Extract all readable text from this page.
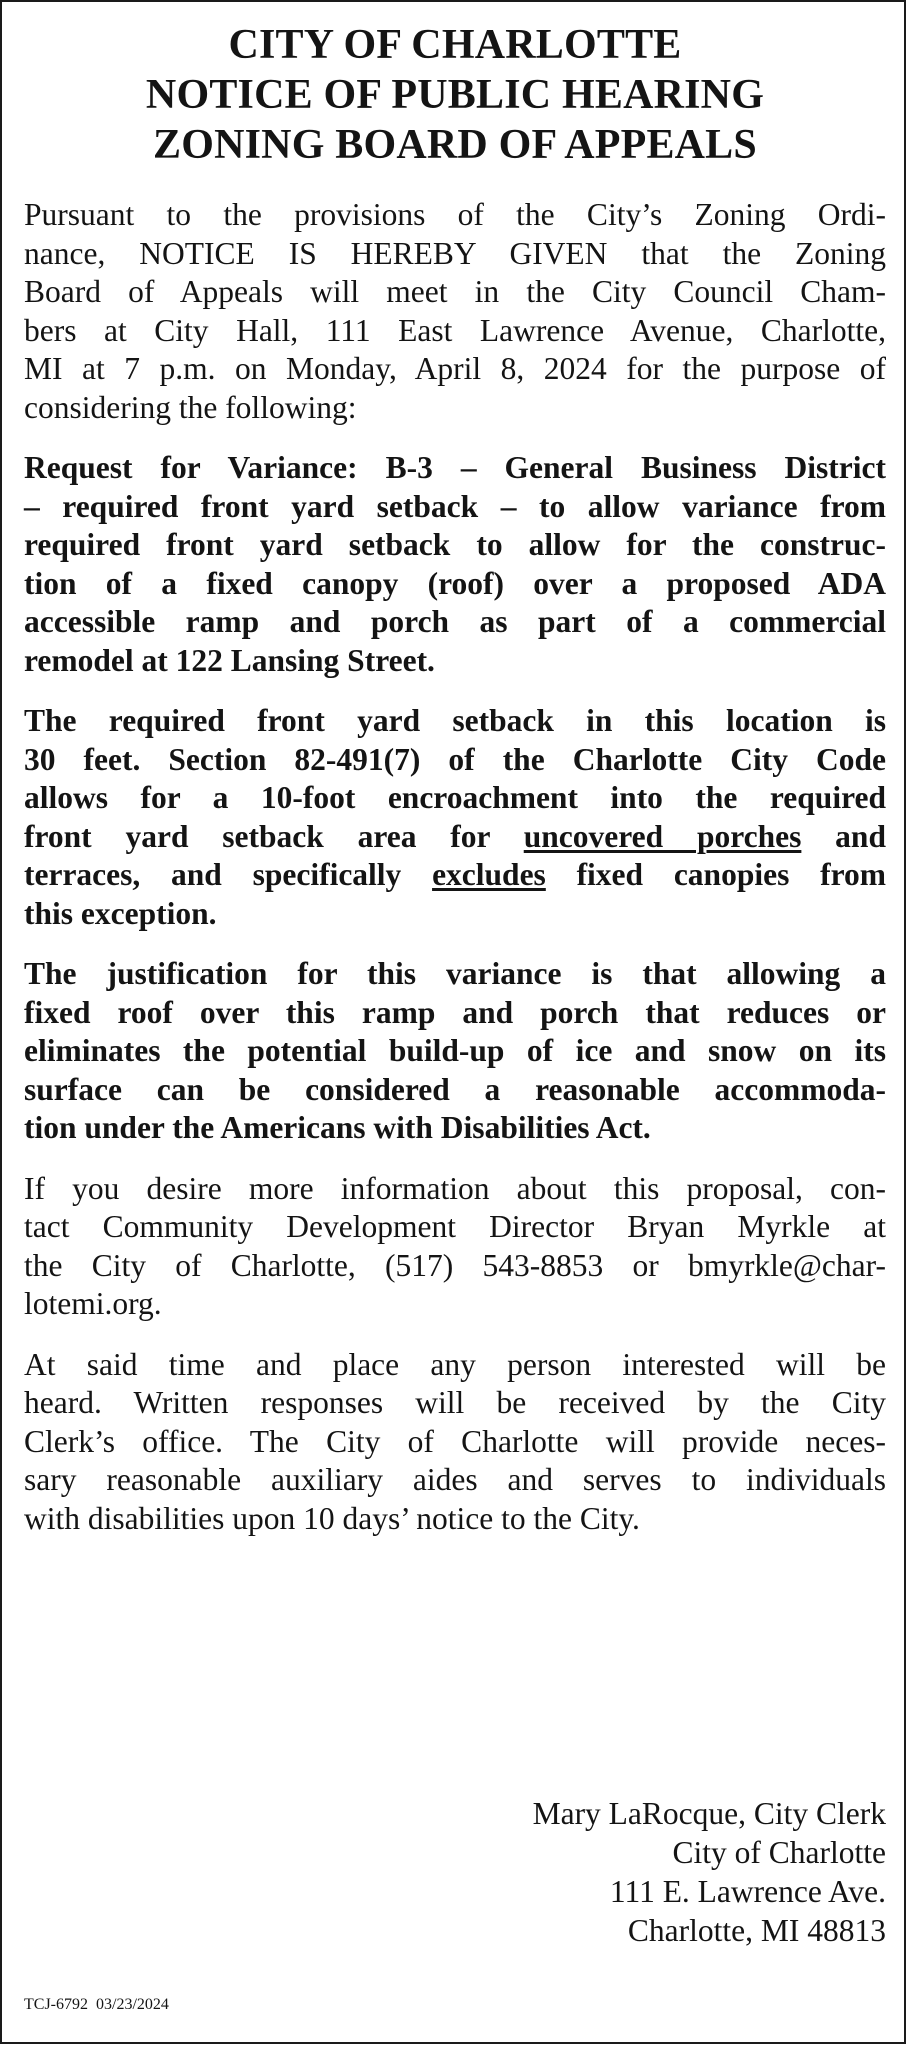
CITY OF CHARLOTTE
NOTICE OF PUBLIC HEARING
ZONING BOARD OF APPEALS
Pursuant to the provisions of the City’s Zoning Ordi-
nance, NOTICE IS HEREBY GIVEN that the Zoning
Board of Appeals will meet in the City Council Cham-
bers at City Hall, 111 East Lawrence Avenue, Charlotte,
MI at 7 p.m. on Monday, April 8, 2024 for the purpose of
considering the following:
Request for Variance: B-3 – General Business District
– required front yard setback – to allow variance from
required front yard setback to allow for the construc-
tion of a fixed canopy (roof) over a proposed ADA
accessible ramp and porch as part of a commercial
remodel at 122 Lansing Street.
The required front yard setback in this location is
30 feet. Section 82-491(7) of the Charlotte City Code
allows for a 10-foot encroachment into the required
front yard setback area for uncovered porches and
terraces, and specifically excludes fixed canopies from
this exception.
The justification for this variance is that allowing a
fixed roof over this ramp and porch that reduces or
eliminates the potential build-up of ice and snow on its
surface can be considered a reasonable accommoda-
tion under the Americans with Disabilities Act.
If you desire more information about this proposal, con-
tact Community Development Director Bryan Myrkle at
the City of Charlotte, (517) 543-8853 or bmyrkle@char-
lotemi.org.
At said time and place any person interested will be
heard. Written responses will be received by the City
Clerk’s office. The City of Charlotte will provide neces-
sary reasonable auxiliary aides and serves to individuals
with disabilities upon 10 days’ notice to the City.
Mary LaRocque, City Clerk
City of Charlotte
111 E. Lawrence Ave.
Charlotte, MI 48813
TCJ-6792  03/23/2024
